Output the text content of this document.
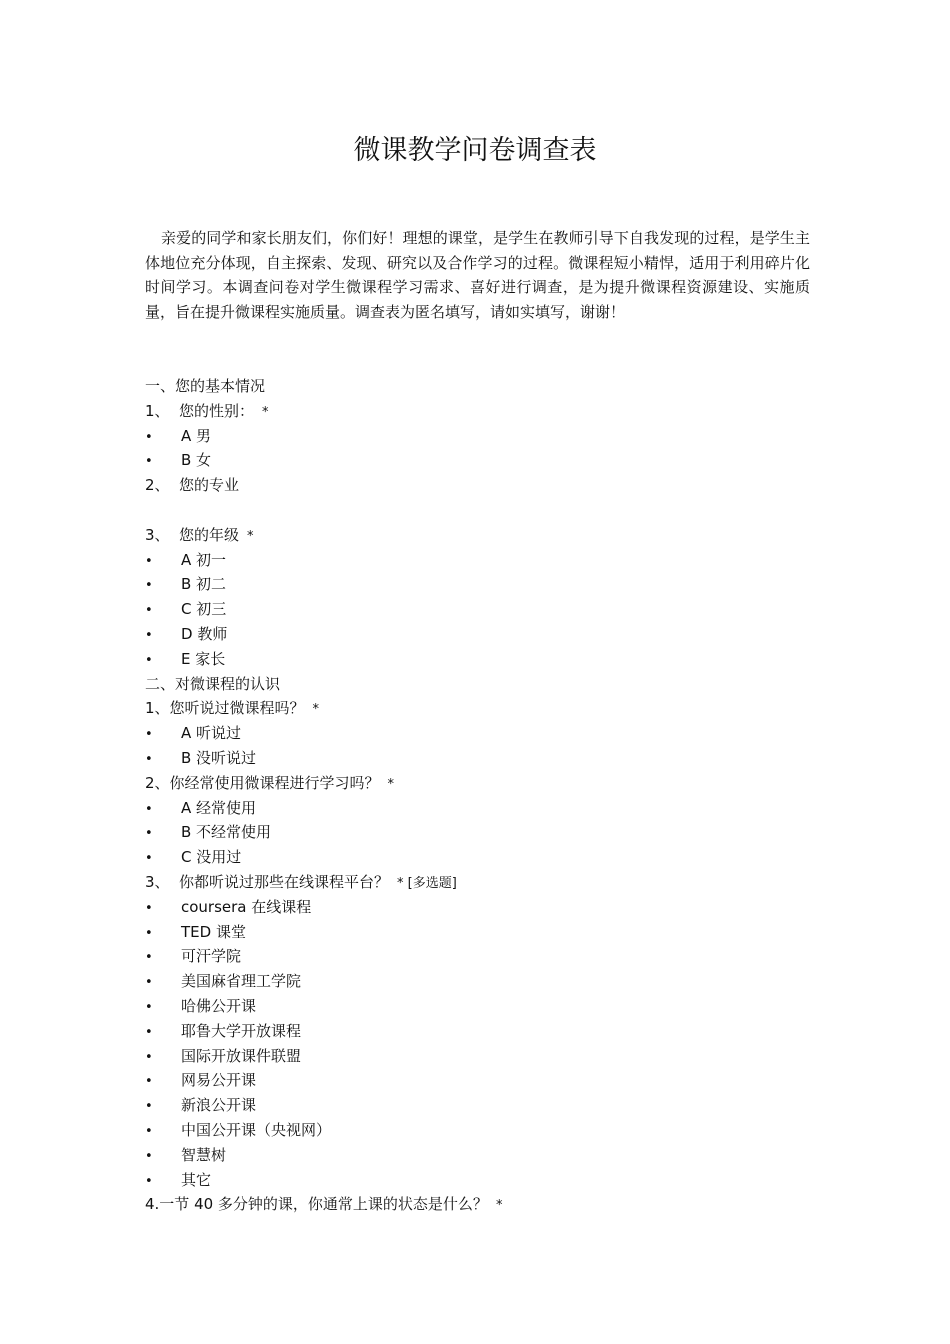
微课教学问卷调查表
亲爱的同学和家长朋友们，你们好！理想的课堂，是学生在教师引导下自我发现的过程，是学生主体地位充分体现，自主探索、发现、研究以及合作学习的过程。微课程短小精悍，适用于利用碎片化时间学习。本调查问卷对学生微课程学习需求、喜好进行调查，是为提升微课程资源建设、实施质量，旨在提升微课程实施质量。调查表为匿名填写，请如实填写，谢谢！
一、您的基本情况
1、 您的性别： *
• A 男
• B 女
2、 您的专业
3、 您的年级 *
• A 初一
• B 初二
• C 初三
• D 教师
• E 家长
二、对微课程的认识
1、您听说过微课程吗？ *
• A 听说过
• B 没听说过
2、你经常使用微课程进行学习吗？ *
• A 经常使用
• B 不经常使用
• C 没用过
3、 你都听说过那些在线课程平台？ * [多选题]
• coursera 在线课程
• TED 课堂
• 可汗学院
• 美国麻省理工学院
• 哈佛公开课
• 耶鲁大学开放课程
• 国际开放课件联盟
• 网易公开课
• 新浪公开课
• 中国公开课（央视网）
• 智慧树
• 其它
4.一节 40 多分钟的课，你通常上课的状态是什么？ *
